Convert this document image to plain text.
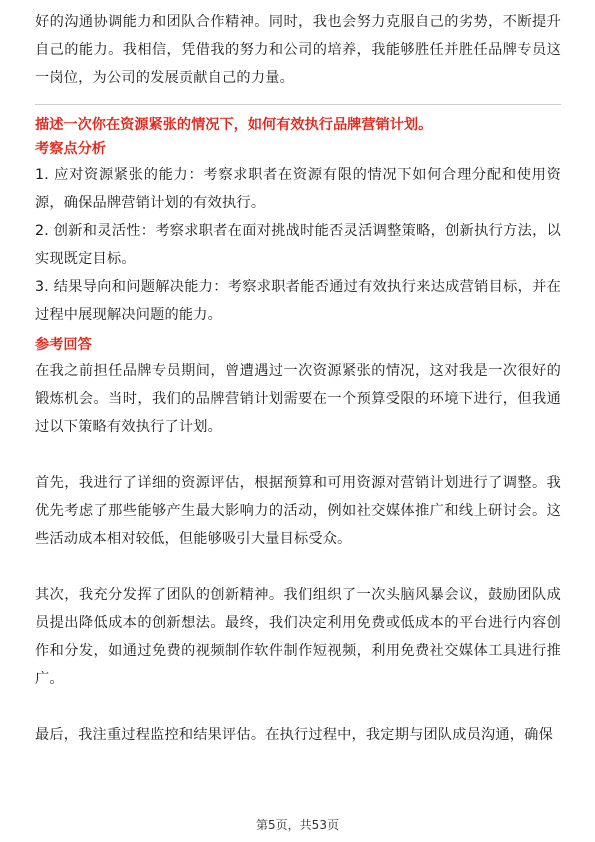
好的沟通协调能力和团队合作精神。同时，我也会努力克服自己的劣势，不断提升自己的能力。我相信，凭借我的努力和公司的培养，我能够胜任并胜任品牌专员这一岗位，为公司的发展贡献自己的力量。

描述一次你在资源紧张的情况下，如何有效执行品牌营销计划。

考察点分析

1. 应对资源紧张的能力：考察求职者在资源有限的情况下如何合理分配和使用资源，确保品牌营销计划的有效执行。

2. 创新和灵活性：考察求职者在面对挑战时能否灵活调整策略，创新执行方法，以实现既定目标。

3. 结果导向和问题解决能力：考察求职者能否通过有效执行来达成营销目标，并在过程中展现解决问题的能力。

参考回答

在我之前担任品牌专员期间，曾遭遇过一次资源紧张的情况，这对我是一次很好的锻炼机会。当时，我们的品牌营销计划需要在一个预算受限的环境下进行，但我通过以下策略有效执行了计划。

首先，我进行了详细的资源评估，根据预算和可用资源对营销计划进行了调整。我优先考虑了那些能够产生最大影响力的活动，例如社交媒体推广和线上研讨会。这些活动成本相对较低，但能够吸引大量目标受众。

其次，我充分发挥了团队的创新精神。我们组织了一次头脑风暴会议，鼓励团队成员提出降低成本的创新想法。最终，我们决定利用免费或低成本的平台进行内容创作和分发，如通过免费的视频制作软件制作短视频，利用免费社交媒体工具进行推广。

最后，我注重过程监控和结果评估。在执行过程中，我定期与团队成员沟通，确保

第5页，共53页
